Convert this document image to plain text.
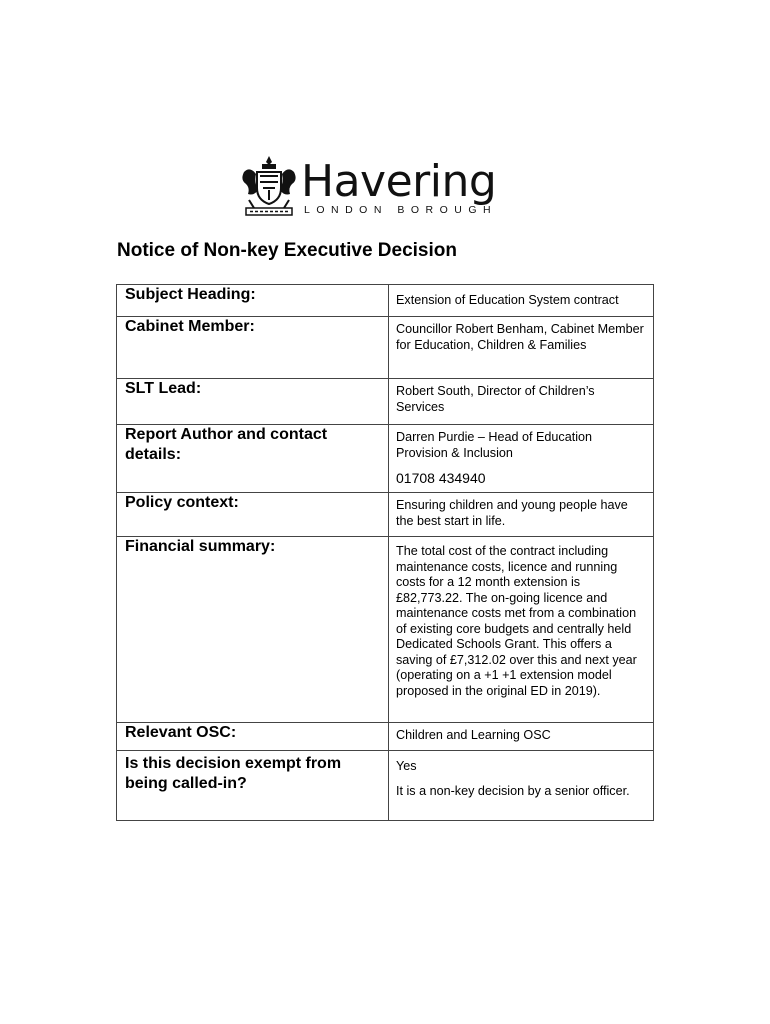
Havering
LONDON BOROUGH
Notice of Non-key Executive Decision
Subject Heading:	Extension of Education System contract

Cabinet Member:	Councillor Robert Benham, Cabinet Member for Education, Children & Families

SLT Lead:	Robert South, Director of Children’s Services

Report Author and contact details:	Darren Purdie – Head of Education Provision & Inclusion

01708 434940

Policy context:	Ensuring children and young people have the best start in life.

Financial summary:	The total cost of the contract including maintenance costs, licence and running costs for a 12 month extension is £82,773.22. The on-going licence and maintenance costs met from a combination of existing core budgets and centrally held Dedicated Schools Grant. This offers a saving of £7,312.02 over this and next year (operating on a +1 +1 extension model proposed in the original ED in 2019).

Relevant OSC:	Children and Learning OSC

Is this decision exempt from being called-in?	Yes

It is a non-key decision by a senior officer.
